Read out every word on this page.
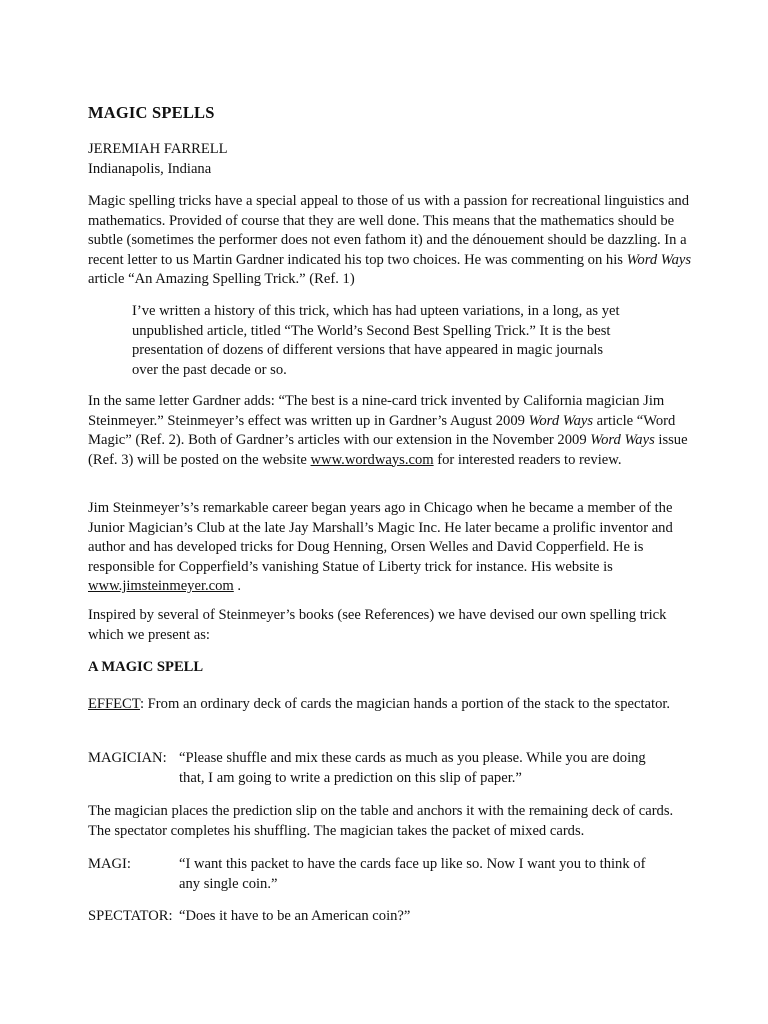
MAGIC SPELLS
JEREMIAH FARRELL
Indianapolis, Indiana

Magic spelling tricks have a special appeal to those of us with a passion for recreational linguistics and mathematics. Provided of course that they are well done. This means that the mathematics should be subtle (sometimes the performer does not even fathom it) and the dénouement should be dazzling. In a recent letter to us Martin Gardner indicated his top two choices. He was commenting on his Word Ways article “An Amazing Spelling Trick.” (Ref. 1)

I’ve written a history of this trick, which has had upteen variations, in a long, as yet unpublished article, titled “The World’s Second Best Spelling Trick.” It is the best presentation of dozens of different versions that have appeared in magic journals over the past decade or so.

In the same letter Gardner adds: “The best is a nine-card trick invented by California magician Jim Steinmeyer.” Steinmeyer’s effect was written up in Gardner’s August 2009 Word Ways article “Word Magic” (Ref. 2). Both of Gardner’s articles with our extension in the November 2009 Word Ways issue (Ref. 3) will be posted on the website www.wordways.com for interested readers to review.

Jim Steinmeyer’s’s remarkable career began years ago in Chicago when he became a member of the Junior Magician’s Club at the late Jay Marshall’s Magic Inc. He later became a prolific inventor and author and has developed tricks for Doug Henning, Orsen Welles and David Copperfield. He is responsible for Copperfield’s vanishing Statue of Liberty trick for instance. His website is www.jimsteinmeyer.com .

Inspired by several of Steinmeyer’s books (see References) we have devised our own spelling trick which we present as:

A MAGIC SPELL

EFFECT: From an ordinary deck of cards the magician hands a portion of the stack to the spectator.

MAGICIAN: “Please shuffle and mix these cards as much as you please. While you are doing
that, I am going to write a prediction on this slip of paper.”

The magician places the prediction slip on the table and anchors it with the remaining deck of cards. The spectator completes his shuffling. The magician takes the packet of mixed cards.

MAGI:	“I want this packet to have the cards face up like so. Now I want you to think of
any single coin.”
SPECTATOR: “Does it have to be an American coin?”
